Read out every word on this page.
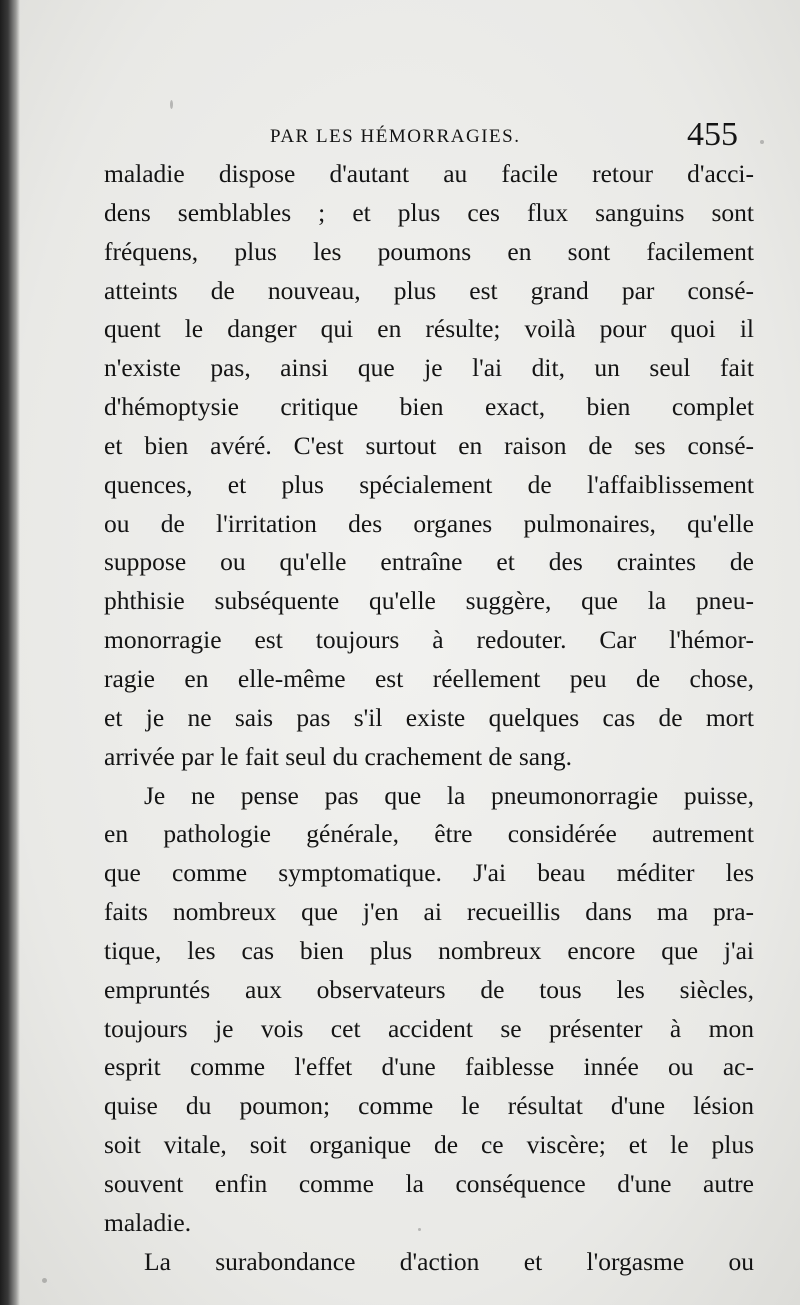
PAR LES HÉMORRAGIES.	455
maladie dispose d'autant au facile retour d'acci-
dens semblables ; et plus ces flux sanguins sont
fréquens, plus les poumons en sont facilement
atteints de nouveau, plus est grand par consé-
quent le danger qui en résulte; voilà pour quoi il
n'existe pas, ainsi que je l'ai dit, un seul fait
d'hémoptysie critique bien exact, bien complet
et bien avéré. C'est surtout en raison de ses consé-
quences, et plus spécialement de l'affaiblissement
ou de l'irritation des organes pulmonaires, qu'elle
suppose ou qu'elle entraîne et des craintes de
phthisie subséquente qu'elle suggère, que la pneu-
monorragie est toujours à redouter. Car l'hémor-
ragie en elle-même est réellement peu de chose,
et je ne sais pas s'il existe quelques cas de mort
arrivée par le fait seul du crachement de sang.
Je ne pense pas que la pneumonorragie puisse,
en pathologie générale, être considérée autrement
que comme symptomatique. J'ai beau méditer les
faits nombreux que j'en ai recueillis dans ma pra-
tique, les cas bien plus nombreux encore que j'ai
empruntés aux observateurs de tous les siècles,
toujours je vois cet accident se présenter à mon
esprit comme l'effet d'une faiblesse innée ou ac-
quise du poumon; comme le résultat d'une lésion
soit vitale, soit organique de ce viscère; et le plus
souvent enfin comme la conséquence d'une autre
maladie.
La surabondance d'action et l'orgasme ou
